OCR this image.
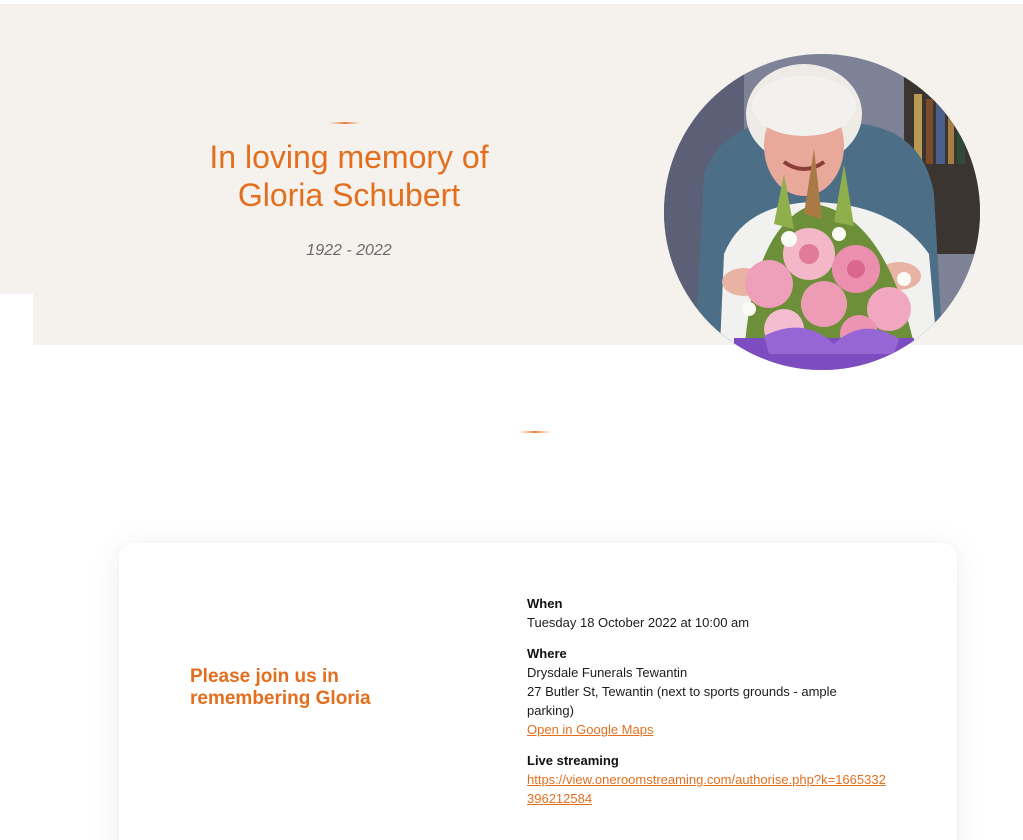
In loving memory of
Gloria Schubert
1922 - 2022
Please join us in
remembering Gloria
When
Tuesday 18 October 2022 at 10:00 am
Where
Drysdale Funerals Tewantin
27 Butler St, Tewantin (next to sports grounds - ample parking)
Open in Google Maps
Live streaming
https://view.oneroomstreaming.com/authorise.php?k=1665332396212584
